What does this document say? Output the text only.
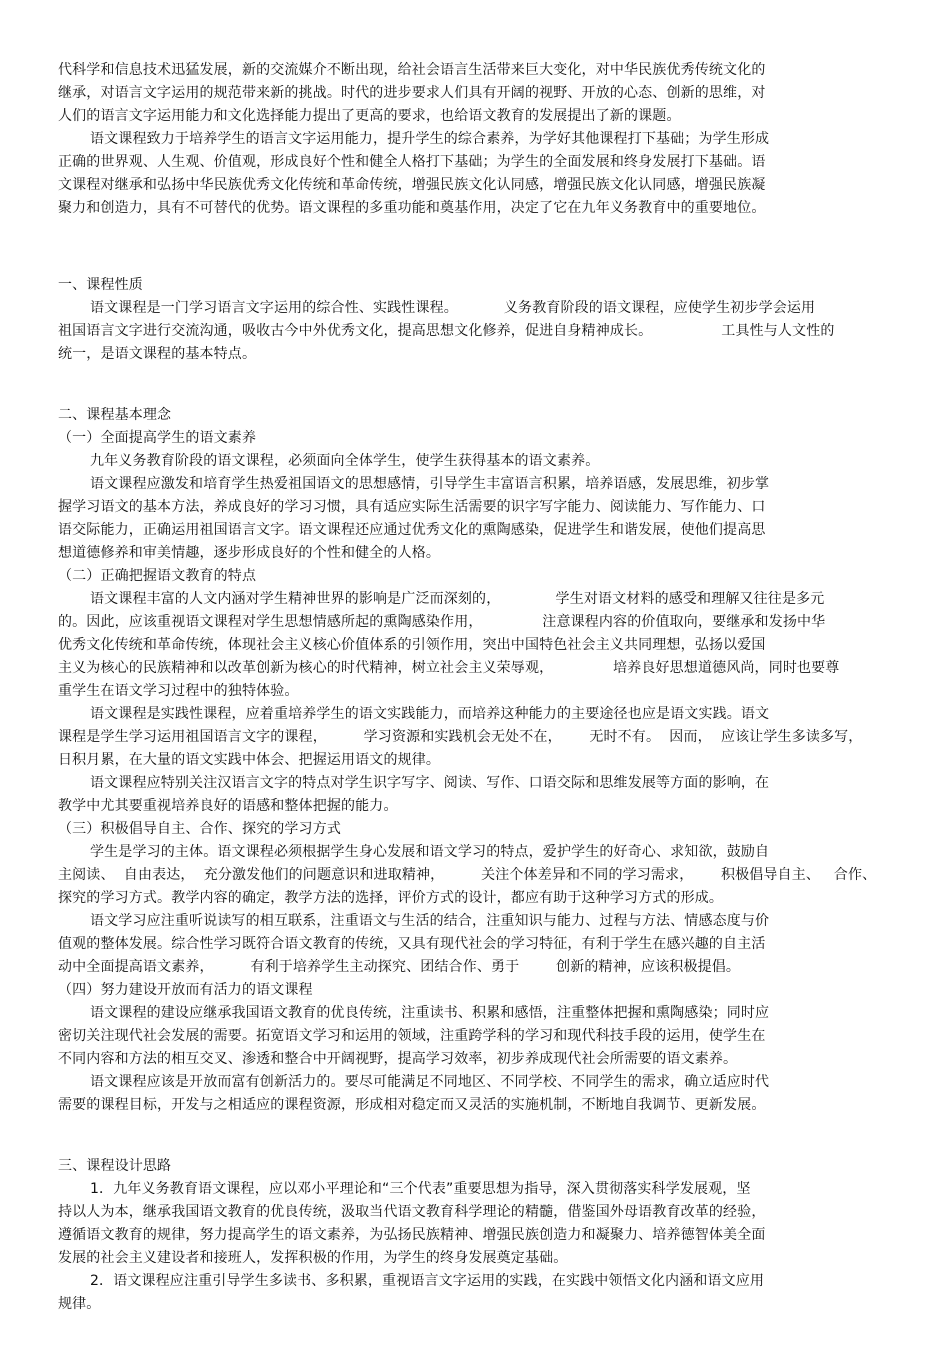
代科学和信息技术迅猛发展，新的交流媒介不断出现，给社会语言生活带来巨大变化，对中华民族优秀传统文化的
继承，对语言文字运用的规范带来新的挑战。时代的进步要求人们具有开阔的视野、开放的心态、创新的思维，对
人们的语言文字运用能力和文化选择能力提出了更高的要求，也给语文教育的发展提出了新的课题。
语文课程致力于培养学生的语言文字运用能力，提升学生的综合素养，为学好其他课程打下基础；为学生形成
正确的世界观、人生观、价值观，形成良好个性和健全人格打下基础；为学生的全面发展和终身发展打下基础。语
文课程对继承和弘扬中华民族优秀文化传统和革命传统，增强民族文化认同感，增强民族文化认同感，增强民族凝
聚力和创造力，具有不可替代的优势。语文课程的多重功能和奠基作用，决定了它在九年义务教育中的重要地位。
一、课程性质
语文课程是一门学习语言文字运用的综合性、实践性课程。          义务教育阶段的语文课程，应使学生初步学会运用
祖国语言文字进行交流沟通，吸收古今中外优秀文化，提高思想文化修养，促进自身精神成长。               工具性与人文性的
统一，是语文课程的基本特点。
二、课程基本理念
（一）全面提高学生的语文素养
九年义务教育阶段的语文课程，必须面向全体学生，使学生获得基本的语文素养。
语文课程应激发和培育学生热爱祖国语文的思想感情，引导学生丰富语言积累，培养语感，发展思维，初步掌
握学习语文的基本方法，养成良好的学习习惯，具有适应实际生活需要的识字写字能力、阅读能力、写作能力、口
语交际能力，正确运用祖国语言文字。语文课程还应通过优秀文化的熏陶感染，促进学生和谐发展，使他们提高思
想道德修养和审美情趣，逐步形成良好的个性和健全的人格。
（二）正确把握语文教育的特点
语文课程丰富的人文内涵对学生精神世界的影响是广泛而深刻的，            学生对语文材料的感受和理解又往往是多元
的。因此，应该重视语文课程对学生思想情感所起的熏陶感染作用，             注意课程内容的价值取向，要继承和发扬中华
优秀文化传统和革命传统，体现社会主义核心价值体系的引领作用，突出中国特色社会主义共同理想，弘扬以爱国
主义为核心的民族精神和以改革创新为核心的时代精神，树立社会主义荣辱观，             培养良好思想道德风尚，同时也要尊
重学生在语文学习过程中的独特体验。
语文课程是实践性课程，应着重培养学生的语文实践能力，而培养这种能力的主要途径也应是语文实践。语文
课程是学生学习运用祖国语言文字的课程，        学习资源和实践机会无处不在，      无时不有。  因而，  应该让学生多读多写，
日积月累，在大量的语文实践中体会、把握运用语文的规律。
语文课程应特别关注汉语言文字的特点对学生识字写字、阅读、写作、口语交际和思维发展等方面的影响，在
教学中尤其要重视培养良好的语感和整体把握的能力。
（三）积极倡导自主、合作、探究的学习方式
学生是学习的主体。语文课程必须根据学生身心发展和语文学习的特点，爱护学生的好奇心、求知欲，鼓励自
主阅读、  自由表达，  充分激发他们的问题意识和进取精神，        关注个体差异和不同的学习需求，      积极倡导自主、   合作、
探究的学习方式。教学内容的确定，教学方法的选择，评价方式的设计，都应有助于这种学习方式的形成。
语文学习应注重听说读写的相互联系，注重语文与生活的结合，注重知识与能力、过程与方法、情感态度与价
值观的整体发展。综合性学习既符合语文教育的传统，又具有现代社会的学习特征，有利于学生在感兴趣的自主活
动中全面提高语文素养，        有利于培养学生主动探究、团结合作、勇于        创新的精神，应该积极提倡。
（四）努力建设开放而有活力的语文课程
语文课程的建设应继承我国语文教育的优良传统，注重读书、积累和感悟，注重整体把握和熏陶感染；同时应
密切关注现代社会发展的需要。拓宽语文学习和运用的领域，注重跨学科的学习和现代科技手段的运用，使学生在
不同内容和方法的相互交叉、渗透和整合中开阔视野，提高学习效率，初步养成现代社会所需要的语文素养。
语文课程应该是开放而富有创新活力的。要尽可能满足不同地区、不同学校、不同学生的需求，确立适应时代
需要的课程目标，开发与之相适应的课程资源，形成相对稳定而又灵活的实施机制，不断地自我调节、更新发展。
三、课程设计思路
1．九年义务教育语文课程，应以邓小平理论和“三个代表”重要思想为指导，深入贯彻落实科学发展观，坚
持以人为本，继承我国语文教育的优良传统，汲取当代语文教育科学理论的精髓，借鉴国外母语教育改革的经验，
遵循语文教育的规律，努力提高学生的语文素养，为弘扬民族精神、增强民族创造力和凝聚力、培养德智体美全面
发展的社会主义建设者和接班人，发挥积极的作用，为学生的终身发展奠定基础。
2．语文课程应注重引导学生多读书、多积累，重视语言文字运用的实践，在实践中领悟文化内涵和语文应用
规律。
